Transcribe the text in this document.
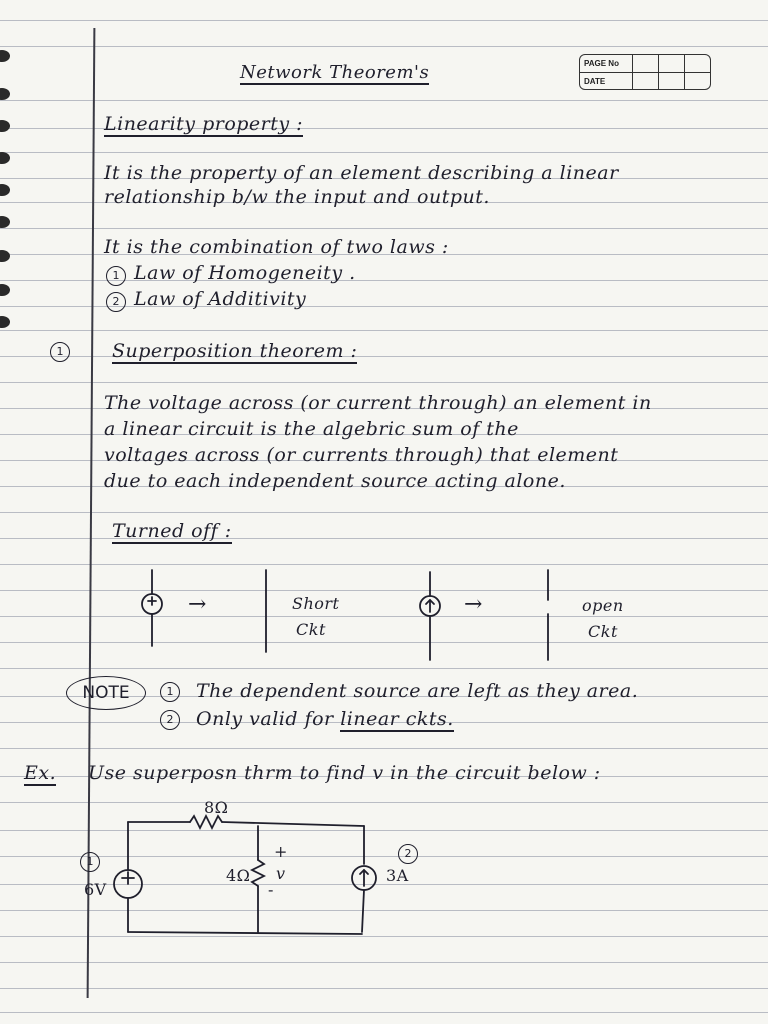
PAGE No
DATE
Network Theorem's
Linearity property :
It is the property of an element describing a linear
relationship b/w the input and output.
It is the combination of two laws :
1 Law of Homogeneity .
2 Law of Additivity
1	Superposition theorem :
The voltage across (or current through) an element in
a linear circuit is the algebric sum of the
voltages across (or currents through) that element
due to each independent source acting alone.
Turned off :
Short
Ckt
open
Ckt
→	→
NOTE	1	The dependent source are left as they area.
2	Only valid for linear ckts.
Ex. Use superposn thrm to find v in the circuit below :
8Ω
4Ω
6V
3A
+
v
-
1
2
